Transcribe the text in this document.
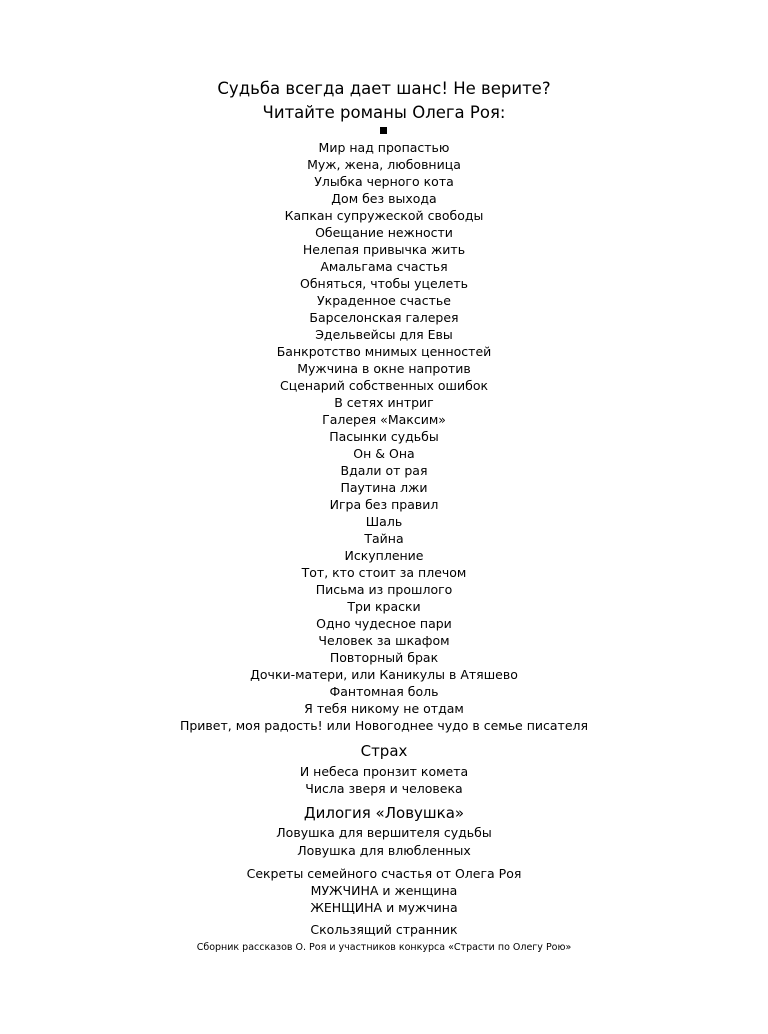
Судьба всегда дает шанс! Не верите?
Читайте романы Олега Роя:
Мир над пропастью
Муж, жена, любовница
Улыбка черного кота
Дом без выхода
Капкан супружеской свободы
Обещание нежности
Нелепая привычка жить
Амальгама счастья
Обняться, чтобы уцелеть
Украденное счастье
Барселонская галерея
Эдельвейсы для Евы
Банкротство мнимых ценностей
Мужчина в окне напротив
Сценарий собственных ошибок
В сетях интриг
Галерея «Максим»
Пасынки судьбы
Он & Она
Вдали от рая
Паутина лжи
Игра без правил
Шаль
Тайна
Искупление
Тот, кто стоит за плечом
Письма из прошлого
Три краски
Одно чудесное пари
Человек за шкафом
Повторный брак
Дочки-матери, или Каникулы в Атяшево
Фантомная боль
Я тебя никому не отдам
Привет, моя радость! или Новогоднее чудо в семье писателя
Страх
И небеса пронзит комета
Числа зверя и человека
Дилогия «Ловушка»
Ловушка для вершителя судьбы
Ловушка для влюбленных
Секреты семейного счастья от Олега Роя
МУЖЧИНА и женщина
ЖЕНЩИНА и мужчина
Скользящий странник
Сборник рассказов О. Роя и участников конкурса «Страсти по Олегу Рою»
